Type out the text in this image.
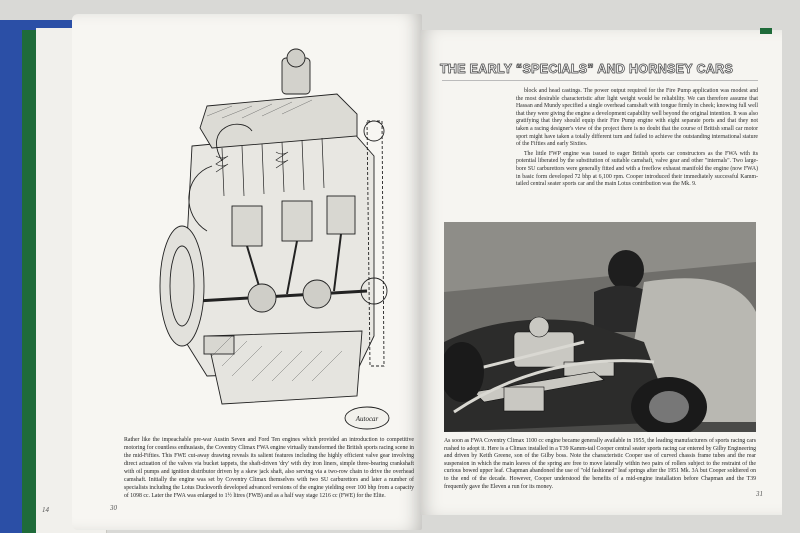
14
Autocar
Rather like the impeachable pre-war Austin Seven and Ford Ten engines which provided an introduction to competitive motoring for countless enthusiasts, the Coventry Climax FWA engine virtually transformed the British sports racing scene in the mid-Fifties. This FWE cut-away drawing reveals its salient features including the highly efficient valve gear involving direct actuation of the valves via bucket tappets, the shaft-driven 'dry' with dry iron liners, simple three-bearing crankshaft with oil pumps and ignition distributor driven by a skew jack shaft, also serving via a two-row chain to drive the overhead camshaft. Initially the engine was set by Coventry Climax themselves with two SU carburettors and later a number of specialists including the Lotus Duckworth developed advanced versions of the engine yielding over 100 bhp from a capacity of 1098 cc. Later the FWA was enlarged to 1½ litres (FWB) and as a half way stage 1216 cc (FWE) for the Elite.
30
THE EARLY “SPECIALS” AND HORNSEY CARS

block and head castings. The power output required for the Fire Pump application was modest and the most desirable characteristic after light weight would be reliability. We can therefore assume that Hassan and Mundy specified a single overhead camshaft with tongue firmly in cheek; knowing full well that they were giving the engine a development capability well beyond the original intention. It was also gratifying that they should equip their Fire Pump engine with eight separate ports and that they not taken a racing designer's view of the project there is no doubt that the course of British small car motor sport might have taken a totally different turn and failed to achieve the outstanding international stature of the Fifties and early Sixties.

The little FWP engine was issued to eager British sports car constructors as the FWA with its potential liberated by the substitution of suitable camshaft, valve gear and other "internals". Two large-bore SU carburettors were generally fitted and with a freeflow exhaust manifold the engine (now FWA) in basic form developed 72 bhp at 6,100 rpm. Cooper introduced their immediately successful Kamm-tailed central seater sports car and the main Lotus contribution was the Mk. 9.

As soon as FWA Coventry Climax 1100 cc engine became generally available in 1955, the leading manufacturers of sports racing cars rushed to adopt it. Here is a Climax installed in a T39 Kamm-tail Cooper central seater sports racing car entered by Gilby Engineering and driven by Keith Greene, son of the Gilby boss. Note the characteristic Cooper use of curved chassis frame tubes and the rear suspension in which the main leaves of the spring are free to move laterally within two pairs of rollers subject to the restraint of the curious bowed upper leaf. Chapman abandoned the use of "old fashioned" leaf springs after the 1951 Mk. 3A but Cooper soldiered on to the end of the decade. However, Cooper understood the benefits of a mid-engine installation before Chapman and the T39 frequently gave the Eleven a run for its money.
31
